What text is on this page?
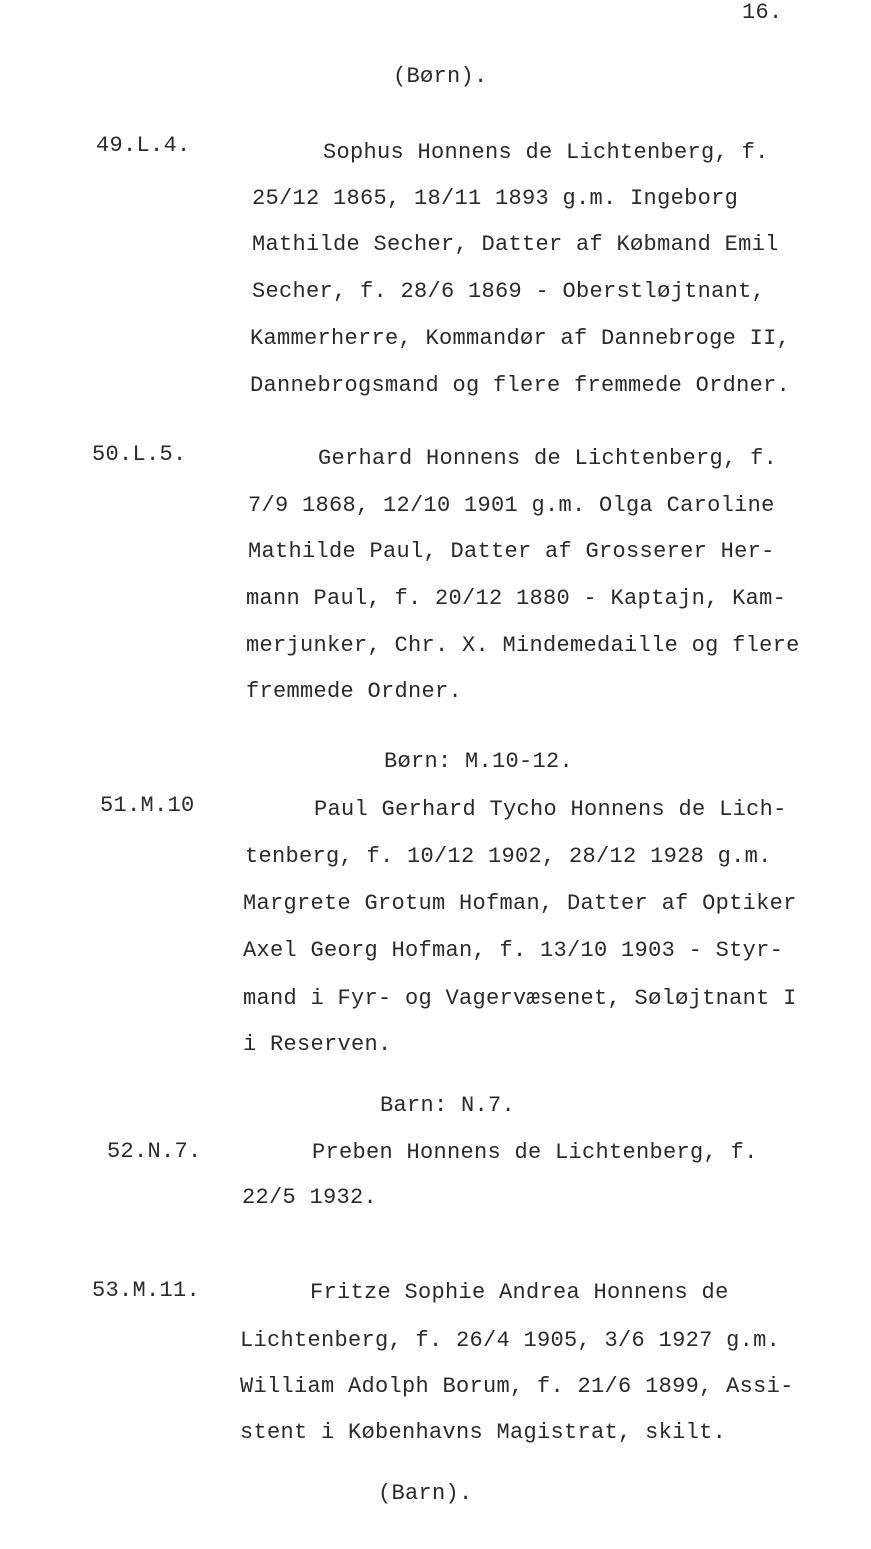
16.
(Børn).
49.L.4.	Sophus Honnens de Lichtenberg, f.
25/12 1865, 18/11 1893 g.m. Ingeborg
Mathilde Secher, Datter af Købmand Emil
Secher, f. 28/6 1869 - Oberstløjtnant,
Kammerherre, Kommandør af Dannebroge II,
Dannebrogsmand og flere fremmede Ordner.
50.L.5.	Gerhard Honnens de Lichtenberg, f.
7/9 1868, 12/10 1901 g.m. Olga Caroline
Mathilde Paul, Datter af Grosserer Her-
mann Paul, f. 20/12 1880 - Kaptajn, Kam-
merjunker, Chr. X. Mindemedaille og flere
fremmede Ordner.
Børn: M.10-12.
51.M.10	Paul Gerhard Tycho Honnens de Lich-
tenberg, f. 10/12 1902, 28/12 1928 g.m.
Margrete Grotum Hofman, Datter af Optiker
Axel Georg Hofman, f. 13/10 1903 - Styr-
mand i Fyr- og Vagervæsenet, Søløjtnant I
i Reserven.
Barn: N.7.
52.N.7.	Preben Honnens de Lichtenberg, f.
22/5 1932.
53.M.11.	Fritze Sophie Andrea Honnens de
Lichtenberg, f. 26/4 1905, 3/6 1927 g.m.
William Adolph Borum, f. 21/6 1899, Assi-
stent i Københavns Magistrat, skilt.
(Barn).
